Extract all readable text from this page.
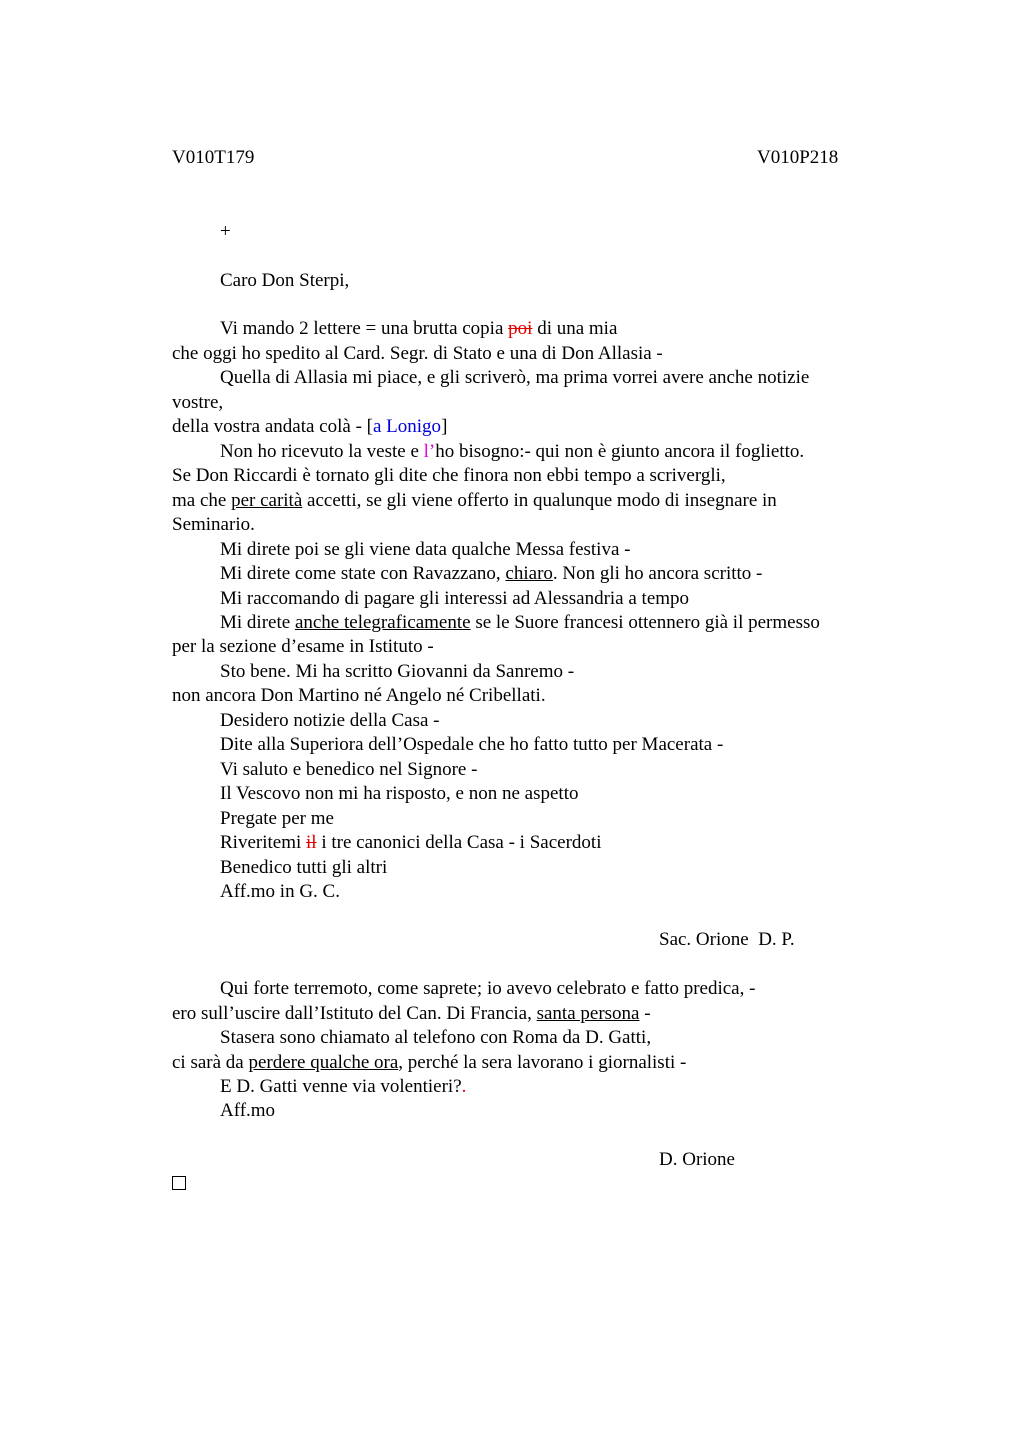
V010T179	V010P218
+
Caro Don Sterpi,
Vi mando 2 lettere = una brutta copia poi di una mia
che oggi ho spedito al Card. Segr. di Stato e una di Don Allasia -
Quella di Allasia mi piace, e gli scriverò, ma prima vorrei avere anche notizie
vostre,
della vostra andata colà - [a Lonigo]
Non ho ricevuto la veste e l’ho bisogno:- qui non è giunto ancora il foglietto.
Se Don Riccardi è tornato gli dite che finora non ebbi tempo a scrivergli,
ma che per carità accetti, se gli viene offerto in qualunque modo di insegnare in
Seminario.
Mi direte poi se gli viene data qualche Messa festiva -
Mi direte come state con Ravazzano, chiaro. Non gli ho ancora scritto -
Mi raccomando di pagare gli interessi ad Alessandria a tempo
Mi direte anche telegraficamente se le Suore francesi ottennero già il permesso
per la sezione d’esame in Istituto -
Sto bene. Mi ha scritto Giovanni da Sanremo -
non ancora Don Martino né Angelo né Cribellati.
Desidero notizie della Casa -
Dite alla Superiora dell’Ospedale che ho fatto tutto per Macerata -
Vi saluto e benedico nel Signore -
Il Vescovo non mi ha risposto, e non ne aspetto
Pregate per me
Riveritemi il i tre canonici della Casa - i Sacerdoti
Benedico tutti gli altri
Aff.mo in G. C.
Sac. Orione  D. P.
Qui forte terremoto, come saprete; io avevo celebrato e fatto predica, -
ero sull’uscire dall’Istituto del Can. Di Francia, santa persona -
Stasera sono chiamato al telefono con Roma da D. Gatti,
ci sarà da perdere qualche ora, perché la sera lavorano i giornalisti -
E D. Gatti venne via volentieri?.
Aff.mo
D. Orione
